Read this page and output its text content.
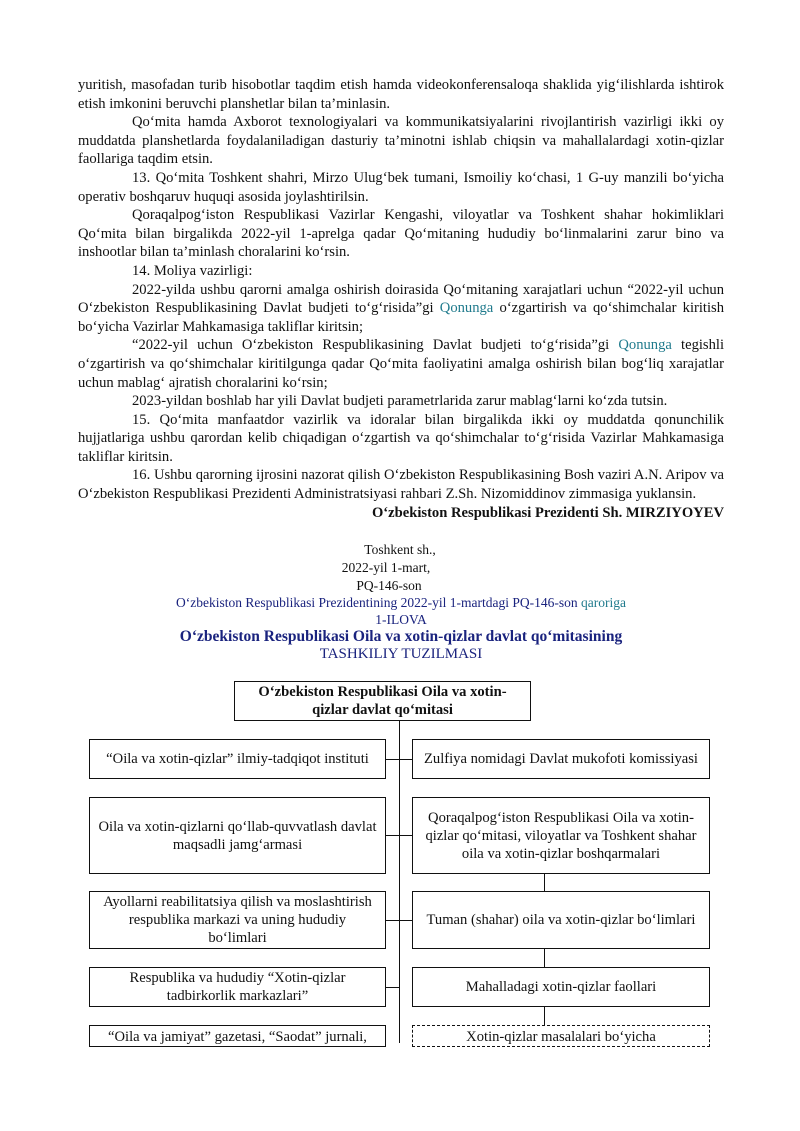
yuritish, masofadan turib hisobotlar taqdim etish hamda videokonferensaloqa shaklida yig‘ilishlarda ishtirok etish imkonini beruvchi planshetlar bilan ta’minlasin.

Qo‘mita hamda Axborot texnologiyalari va kommunikatsiyalarini rivojlantirish vazirligi ikki oy muddatda planshetlarda foydalaniladigan dasturiy ta’minotni ishlab chiqsin va mahallalardagi xotin-qizlar faollariga taqdim etsin.

13. Qo‘mita Toshkent shahri, Mirzo Ulug‘bek tumani, Ismoiliy ko‘chasi, 1 G-uy manzili bo‘yicha operativ boshqaruv huquqi asosida joylashtirilsin.

Qoraqalpog‘iston Respublikasi Vazirlar Kengashi, viloyatlar va Toshkent shahar hokimliklari Qo‘mita bilan birgalikda 2022-yil 1-aprelga qadar Qo‘mitaning hududiy bo‘linmalarini zarur bino va inshootlar bilan ta’minlash choralarini ko‘rsin.

14. Moliya vazirligi:

2022-yilda ushbu qarorni amalga oshirish doirasida Qo‘mitaning xarajatlari uchun “2022-yil uchun O‘zbekiston Respublikasining Davlat budjeti to‘g‘risida”gi Qonunga o‘zgartirish va qo‘shimchalar kiritish bo‘yicha Vazirlar Mahkamasiga takliflar kiritsin;

“2022-yil uchun O‘zbekiston Respublikasining Davlat budjeti to‘g‘risida”gi Qonunga tegishli o‘zgartirish va qo‘shimchalar kiritilgunga qadar Qo‘mita faoliyatini amalga oshirish bilan bog‘liq xarajatlar uchun mablag‘ ajratish choralarini ko‘rsin;

2023-yildan boshlab har yili Davlat budjeti parametrlarida zarur mablag‘larni ko‘zda tutsin.

15. Qo‘mita manfaatdor vazirlik va idoralar bilan birgalikda ikki oy muddatda qonunchilik hujjatlariga ushbu qarordan kelib chiqadigan o‘zgartish va qo‘shimchalar to‘g‘risida Vazirlar Mahkamasiga takliflar kiritsin.

16. Ushbu qarorning ijrosini nazorat qilish O‘zbekiston Respublikasining Bosh vaziri A.N. Aripov va O‘zbekiston Respublikasi Prezidenti Administratsiyasi rahbari Z.Sh. Nizomiddinov zimmasiga yuklansin.

O‘zbekiston Respublikasi Prezidenti Sh. MIRZIYOYEV

Toshkent sh.,
2022-yil 1-mart,
PQ-146-son
O‘zbekiston Respublikasi Prezidentining 2022-yil 1-martdagi PQ-146-son qaroriga
1-ILOVA
O‘zbekiston Respublikasi Oila va xotin-qizlar davlat qo‘mitasining
TASHKILIY TUZILMASI
O‘zbekiston Respublikasi Oila va xotin-qizlar davlat qo‘mitasi
“Oila va xotin-qizlar” ilmiy-tadqiqot instituti
Oila va xotin-qizlarni qo‘llab-quvvatlash davlat maqsadli jamg‘armasi
Ayollarni reabilitatsiya qilish va moslashtirish respublika markazi va uning hududiy bo‘limlari
Respublika va hududiy “Xotin-qizlar tadbirkorlik markazlari”
“Oila va jamiyat” gazetasi, “Saodat” jurnali,
Zulfiya nomidagi Davlat mukofoti komissiyasi
Qoraqalpog‘iston Respublikasi Oila va xotin-qizlar qo‘mitasi, viloyatlar va Toshkent shahar oila va xotin-qizlar boshqarmalari
Tuman (shahar) oila va xotin-qizlar bo‘limlari
Mahalladagi xotin-qizlar faollari
Xotin-qizlar masalalari bo‘yicha
